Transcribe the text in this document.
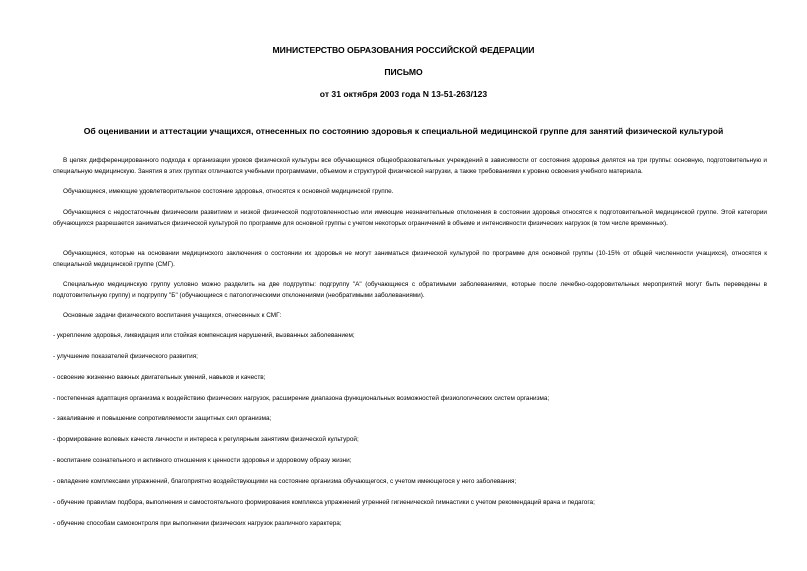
МИНИСТЕРСТВО ОБРАЗОВАНИЯ РОССИЙСКОЙ ФЕДЕРАЦИИ
ПИСЬМО
от 31 октября 2003 года N 13-51-263/123
Об оценивании и аттестации учащихся, отнесенных по состоянию здоровья к специальной медицинской группе для занятий физической культурой
В целях дифференцированного подхода к организации уроков физической культуры все обучающиеся общеобразовательных учреждений в зависимости от состояния здоровья делятся на три группы: основную, подготовительную и специальную медицинскую. Занятия в этих группах отличаются учебными программами, объемом и структурой физической нагрузки, а также требованиями к уровню освоения учебного материала.
Обучающиеся, имеющие удовлетворительное состояние здоровья, относятся к основной медицинской группе.
Обучающиеся с недостаточным физическим развитием и низкой физической подготовленностью или имеющие незначительные отклонения в состоянии здоровья относятся к подготовительной медицинской группе. Этой категории обучающихся разрешается заниматься физической культурой по программе для основной группы с учетом некоторых ограничений в объеме и интенсивности физических нагрузок (в том числе временных).
Обучающиеся, которые на основании медицинского заключения о состоянии их здоровья не могут заниматься физической культурой по программе для основной группы (10-15% от общей численности учащихся), относятся к специальной медицинской группе (СМГ).
Специальную медицинскую группу условно можно разделить на две подгруппы: подгруппу "А" (обучающиеся с обратимыми заболеваниями, которые после лечебно-оздоровительных мероприятий могут быть переведены в подготовительную группу) и подгруппу "Б" (обучающиеся с патологическими отклонениями (необратимыми заболеваниями).
Основные задачи физического воспитания учащихся, отнесенных к СМГ:
- укрепление здоровья, ликвидация или стойкая компенсация нарушений, вызванных заболеванием;
- улучшение показателей физического развития;
- освоение жизненно важных двигательных умений, навыков и качеств;
- постепенная адаптация организма к воздействию физических нагрузок, расширение диапазона функциональных возможностей физиологических систем организма;
- закаливание и повышение сопротивляемости защитных сил организма;
- формирование волевых качеств личности и интереса к регулярным занятиям физической культурой;
- воспитание сознательного и активного отношения к ценности здоровья и здоровому образу жизни;
- овладение комплексами упражнений, благоприятно воздействующими на состояние организма обучающегося, с учетом имеющегося у него заболевания;
- обучение правилам подбора, выполнения и самостоятельного формирования комплекса упражнений утренней гигиенической гимнастики с учетом рекомендаций врача и педагога;
- обучение способам самоконтроля при выполнении физических нагрузок различного характера;
